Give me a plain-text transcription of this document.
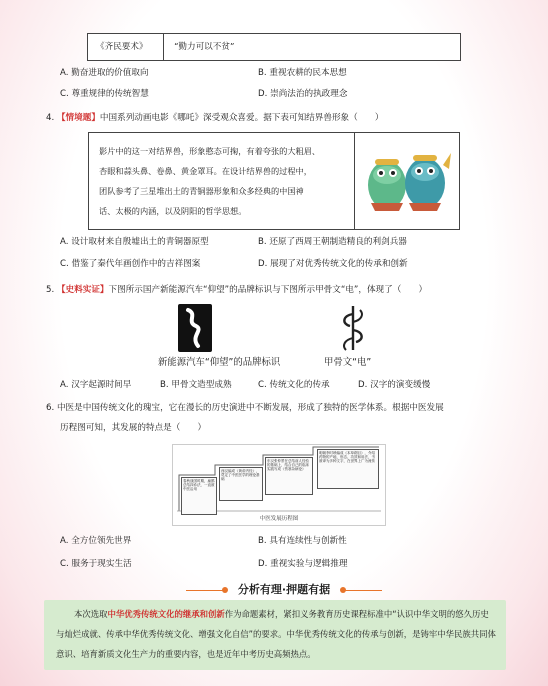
《齐民要术》	“勤力可以不贫”
A. 勤奋进取的价值取向	B. 重视农耕的民本思想
C. 尊重规律的传统智慧	D. 崇尚法治的执政理念
4. 【情境题】中国系列动画电影《哪吒》深受观众喜爱。据下表可知结界兽形象（　　）
影片中的这一对结界兽，形象憨态可掬，有着夸张的大粗眉、
杏眼和蒜头鼻、卷鼻、黄金罩耳。在设计结界兽的过程中，
团队参考了三星堆出土的青铜器形象和众多经典的中国神
话、太极的内涵，以及阴阳的哲学思想。
A. 设计取材来自殷墟出土的青铜器原型	B. 还原了西周王朝制造精良的利剑兵器
C. 借鉴了秦代年画创作中的吉祥图案	D. 展现了对优秀传统文化的传承和创新
5. 【史料实证】下图所示国产新能源汽车“仰望”的品牌标识与下图所示甲骨文“电”，体现了（　　）
新能源汽车“仰望”的品牌标识	甲骨文“电”
A. 汉字起源时间早	B. 甲骨文造型成熟	C. 传统文化的传承	D. 汉字的演变缓慢
6. 中医是中国传统文化的瑰宝，它在漫长的历史演进中不断发展，形成了独特的医学体系。根据中医发展
历程图可知，其发展的特点是（　　）
春秋战国时期，扁鹊总结四诊法，一直被中医沿用
西汉编成《黄帝内经》，奠定了中医医学的理论基础
东汉张仲景在总结前人经验的基础上，结合自己的临床实践写成《伤寒杂病论》
明朝李时珍编成《本草纲目》，介绍药物的产地、形态、功效和用法，书被译为多种文字，在世界上广为流传
中医发展历程图
A. 全方位领先世界	B. 具有连续性与创新性
C. 服务于现实生活	D. 重视实验与逻辑推理
分析有理·押题有据
本次选取中华优秀传统文化的继承和创新作为命题素材，紧扣义务教育历史课程标准中“认识中华文明的悠久历史与灿烂成就、传承中华优秀传统文化、增强文化自信”的要求。中华优秀传统文化的传承与创新，是铸牢中华民族共同体意识、培育新质文化生产力的重要内容，也是近年中考历史高频热点。
